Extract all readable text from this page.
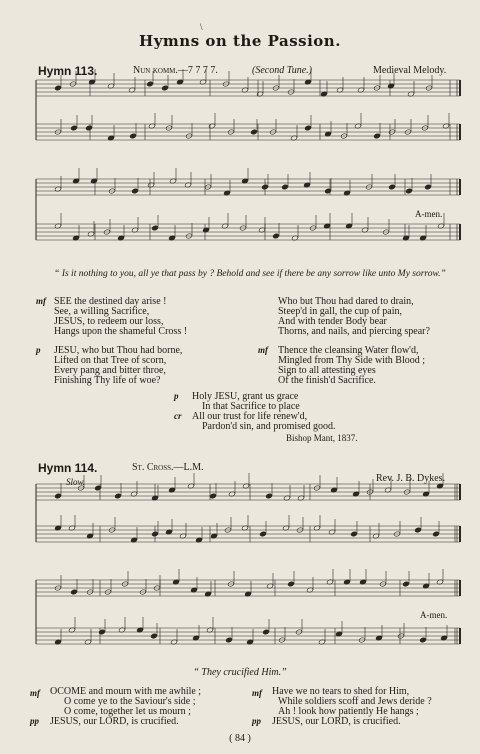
\
Hymns on the Passion.
Hymn 113.	Nun komm.—7 7 7 7.	(Second Tune.)	Medieval Melody.
A-men.
“ Is it nothing to you, all ye that pass by ? Behold and see if there be any sorrow like unto My sorrow.”
mf SEE the destined day arise !
See, a willing Sacrifice,
JESUS, to redeem our loss,
Hangs upon the shameful Cross !
Who but Thou had dared to drain,
Steep'd in gall, the cup of pain,
And with tender Body bear
Thorns, and nails, and piercing spear?
p JESU, who but Thou had borne,
Lifted on that Tree of scorn,
Every pang and bitter throe,
Finishing Thy life of woe?
mf Thence the cleansing Water flow'd,
Mingled from Thy Side with Blood ;
Sign to all attesting eyes
Of the finish'd Sacrifice.
p
cr
Holy JESU, grant us grace
In that Sacrifice to place
All our trust for life renew'd,
Pardon'd sin, and promised good.
Bishop Mant, 1837.
Hymn 114.	St. Cross.—L.M.
Rev. J. B. Dykes.
Slow.
A-men.
“ They crucified Him.”
mf
pp
OCOME and mourn with me awhile ;
O come ye to the Saviour's side ;
O come, together let us mourn ;
JESUS, our LORD, is crucified.
mf
pp
Have we no tears to shed for Him,
While soldiers scoff and Jews deride ?
Ah ! look how patiently He hangs ;
JESUS, our LORD, is crucified.
( 84 )
